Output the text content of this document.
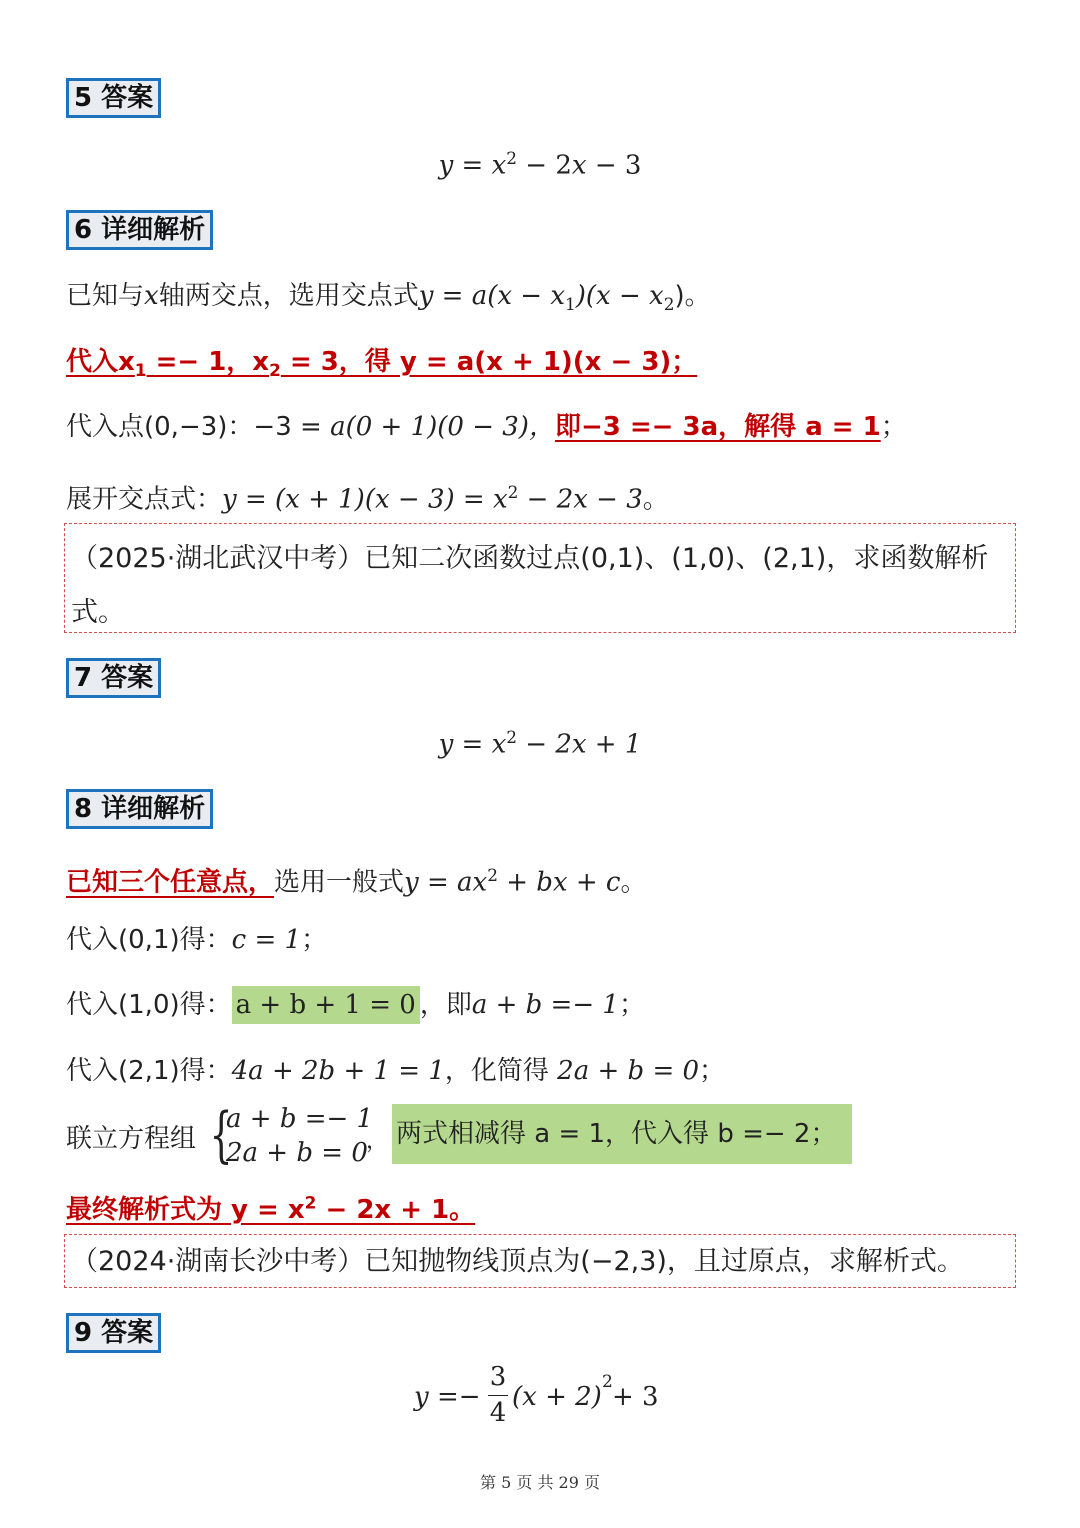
5 答案
$y = x^2 - 2x - 3$
6 详细解析
已知与x轴两交点，选用交点式$y = a(x - x_1)(x - x_2)$。
代入$x_1 =- 1$，$x_2 = 3$，得 y = a(x + 1)(x − 3)；
代入点(0,−3)：−3 = a(0 + 1)(0 − 3)，即−3 =− 3a，解得 a = 1；
展开交点式：$y = (x + 1)(x - 3) = x^2 - 2x - 3$。
（2025·湖北武汉中考）已知二次函数过点(0,1)、(1,0)、(2,1)，求函数解析式。
7 答案
$y = x^2 - 2x + 1$
8 详细解析
已知三个任意点，选用一般式$y = ax^2$ + bx + c。
代入(0,1)得：c = 1；
代入(1,0)得： a + b + 1 = 0 ，即a + b =− 1；
代入(2,1)得：4a + 2b + 1 = 1，化简得 2a + b = 0；
联立方程组 {
a + b =− 1
2a + b = 0
， 两式相减得 a = 1，代入得 b =− 2；
最终解析式为 $y = x^2 - 2x + 1$。
（2024·湖南长沙中考）已知抛物线顶点为(−2,3)，且过原点，求解析式。
9 答案
y =−
3
4
(x + 2) 2 + 3
第 5 页 共 29 页
